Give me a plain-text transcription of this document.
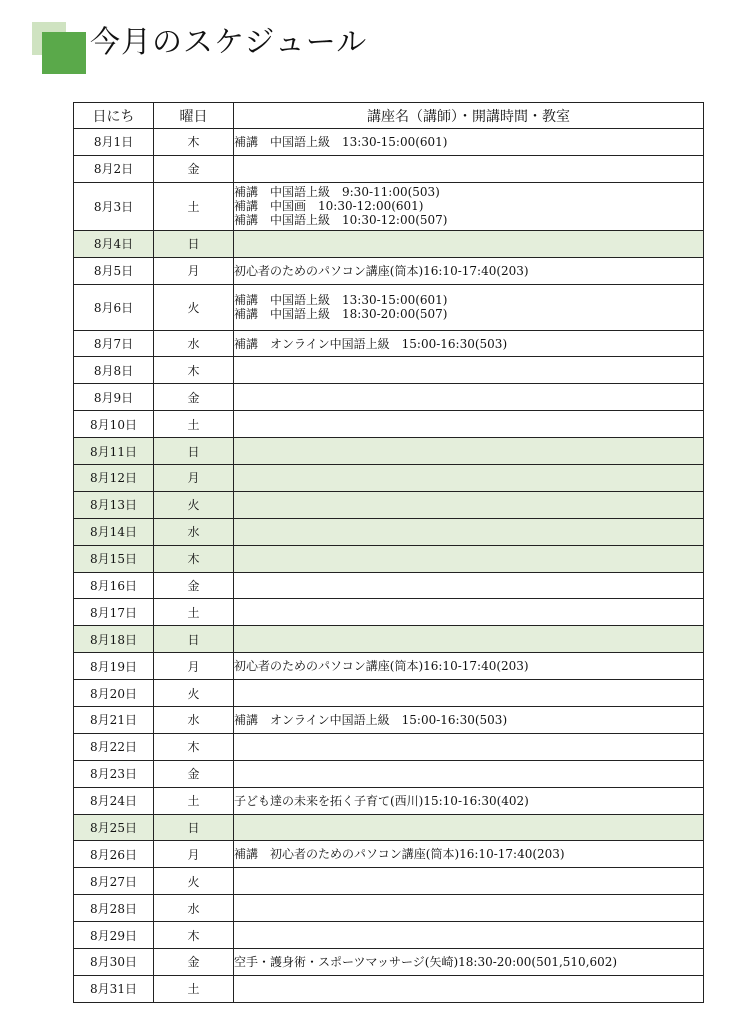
今月のスケジュール
日にち	曜日	講座名（講師）・開講時間・教室
8月1日	木	補講　中国語上級　13:30-15:00(601)

8月2日	金	
8月3日	土	補講　中国語上級　9:30-11:00(503)
補講　中国画　10:30-12:00(601)
補講　中国語上級　10:30-12:00(507)

8月4日	日	
8月5日	月	初心者のためのパソコン講座(筒本)16:10-17:40(203)

8月6日	火	補講　中国語上級　13:30-15:00(601)
補講　中国語上級　18:30-20:00(507)

8月7日	水	補講　オンライン中国語上級　15:00-16:30(503)

8月8日	木	
8月9日	金	
8月10日	土	
8月11日	日	
8月12日	月	
8月13日	火	
8月14日	水	
8月15日	木	
8月16日	金	
8月17日	土	
8月18日	日	
8月19日	月	初心者のためのパソコン講座(筒本)16:10-17:40(203)

8月20日	火	
8月21日	水	補講　オンライン中国語上級　15:00-16:30(503)

8月22日	木	
8月23日	金	
8月24日	土	子ども達の未来を拓く子育て(西川)15:10-16:30(402)

8月25日	日	
8月26日	月	補講　初心者のためのパソコン講座(筒本)16:10-17:40(203)

8月27日	火	
8月28日	水	
8月29日	木	
8月30日	金	空手・護身術・スポーツマッサージ(矢崎)18:30-20:00(501,510,602)

8月31日	土	
